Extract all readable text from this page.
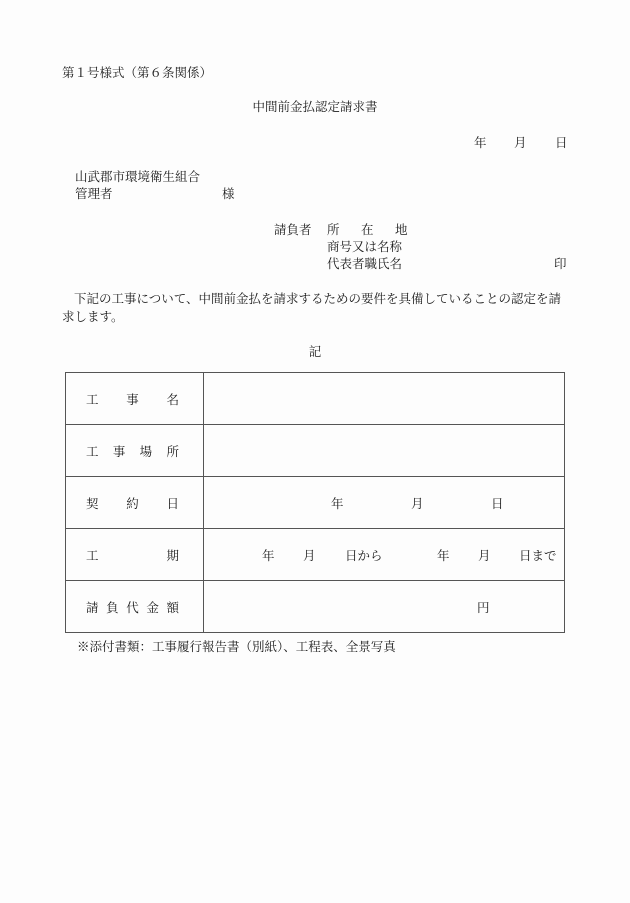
第１号様式（第６条関係）
中間前金払認定請求書
年 月 日
山武郡市環境衛生組合
管理者	様
請負者 所 在 地
商号又は名称
代表者職氏名	印
下記の工事について、中間前金払を請求するための要件を具備していることの認定を請求します。
記
工 事 名	

工 事 場 所	

契 約 日	年 月 日

工	期	年 月 日から	年 月 日まで

請 負 代 金 額	円
※添付書類：工事履行報告書（別紙）、工程表、全景写真
